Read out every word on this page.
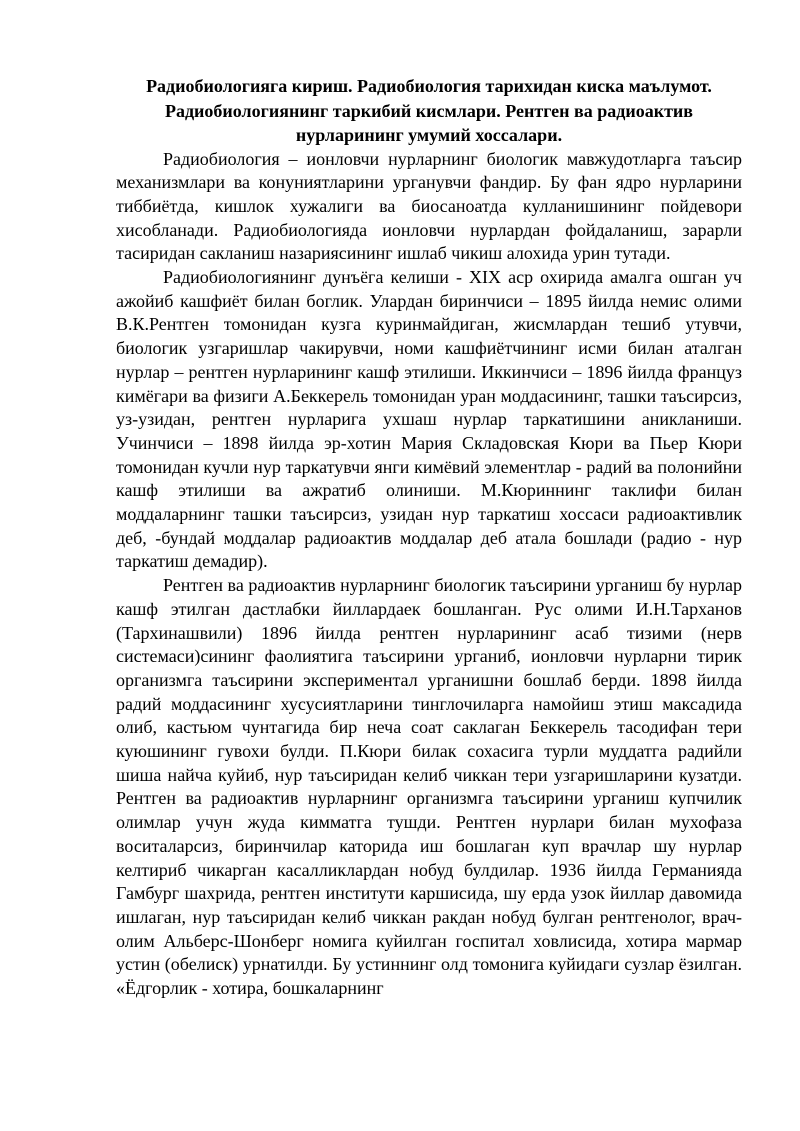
Радиобиологияга кириш. Радиобиология тарихидан киска маълумот.
Радиобиологиянинг таркибий кисмлари. Рентген ва радиоактив
нурларининг умумий хоссалари.

Радиобиология – ионловчи нурларнинг биологик мавжудотларга таъсир механизмлари ва конуниятларини урганувчи фандир. Бу фан ядро нурларини тиббиётда, кишлок хужалиги ва биосаноатда кулланишининг пойдевори хисобланади. Радиобиологияда ионловчи нурлардан фойдаланиш, зарарли тасиридан сакланиш назариясининг ишлаб чикиш алохида урин тутади.

Радиобиологиянинг дунъёга келиши - XIX аср охирида амалга ошган уч ажойиб кашфиёт билан боглик. Улардан биринчиси – 1895 йилда немис олими В.К.Рентген томонидан кузга куринмайдиган, жисмлардан тешиб утувчи, биологик узгаришлар чакирувчи, номи кашфиётчининг исми билан аталган нурлар – рентген нурларининг кашф этилиши. Иккинчиси – 1896 йилда француз кимёгари ва физиги А.Беккерель томонидан уран моддасининг, ташки таъсирсиз, уз-узидан, рентген нурларига ухшаш нурлар таркатишини аникланиши. Учинчиси – 1898 йилда эр-хотин Мария Складовская Кюри ва Пьер Кюри томонидан кучли нур таркатувчи янги кимёвий элементлар - радий ва полонийни кашф этилиши ва ажратиб олиниши. М.Кюриннинг таклифи билан моддаларнинг ташки таъсирсиз, узидан нур таркатиш хоссаси радиоактивлик деб, -бундай моддалар радиоактив моддалар деб атала бошлади (радио - нур таркатиш демадир).

Рентген ва радиоактив нурларнинг биологик таъсирини урганиш бу нурлар кашф этилган дастлабки йиллардаек бошланган. Рус олими И.Н.Тарханов (Тархинашвили) 1896 йилда рентген нурларининг асаб тизими (нерв системаси)сининг фаолиятига таъсирини урганиб, ионловчи нурларни тирик организмга таъсирини экспериментал урганишни бошлаб берди. 1898 йилда радий моддасининг хусусиятларини тинглочиларга намойиш этиш максадида олиб, кастьюм чунтагида бир неча соат саклаган Беккерель тасодифан тери куюшининг гувохи булди. П.Кюри билак сохасига турли муддатга радийли шиша найча куйиб, нур таъсиридан келиб чиккан тери узгаришларини кузатди. Рентген ва радиоактив нурларнинг организмга таъсирини урганиш купчилик олимлар учун жуда кимматга тушди. Рентген нурлари билан мухофаза воситаларсиз, биринчилар каторида иш бошлаган куп врачлар шу нурлар келтириб чикарган касалликлардан нобуд булдилар. 1936 йилда Германияда Гамбург шахрида, рентген институти каршисида, шу ерда узок йиллар давомида ишлаган, нур таъсиридан келиб чиккан ракдан нобуд булган рентгенолог, врач-олим Альберс-Шонберг номига куйилган госпитал ховлисида, хотира мармар устин (обелиск) урнатилди. Бу устиннинг олд томонига куйидаги сузлар ёзилган. «Ёдгорлик - хотира, бошкаларнинг
